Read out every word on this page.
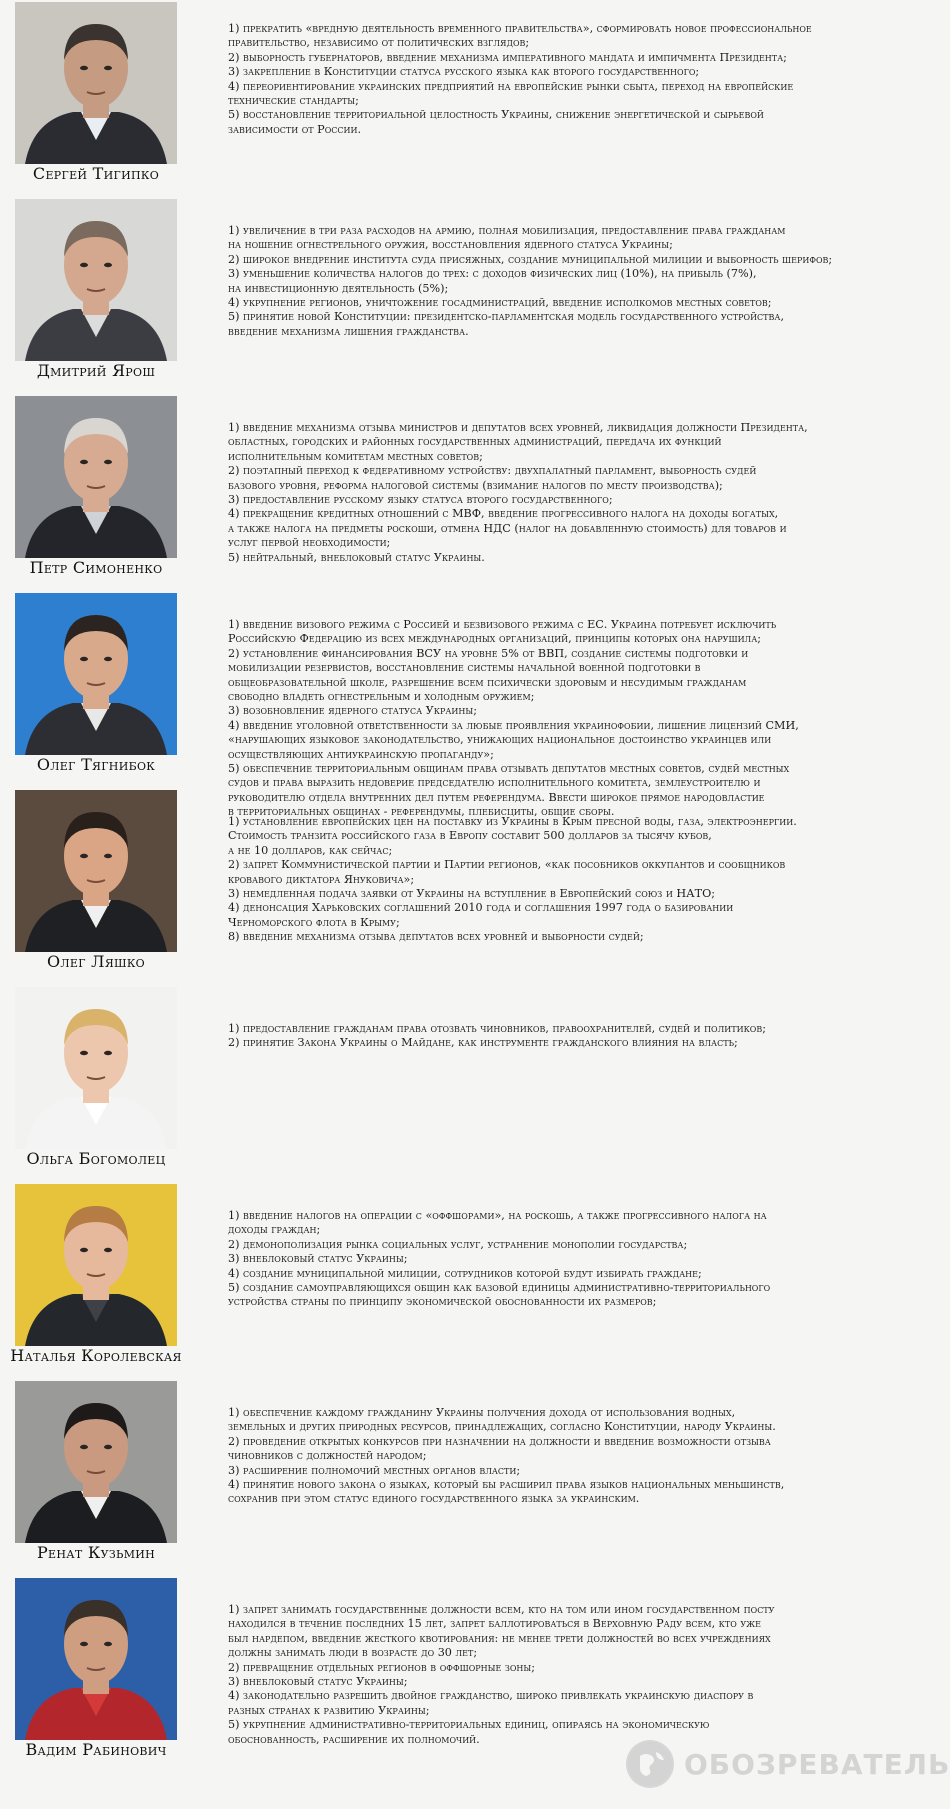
Сергей Тигипко
1) прекратить «вредную деятельность временного правительства», сформировать новое профессиональное
правительство, независимо от политических взглядов;
2) выборность губернаторов, введение механизма императивного мандата и импичмента Президента;
3) закрепление в Конституции статуса русского языка как второго государственного;
4) переориентирование украинских предприятий на европейские рынки сбыта, переход на европейские
технические стандарты;
5) восстановление территориальной целостность Украины, снижение энергетической и сырьевой
зависимости от России.
Дмитрий Ярош
1) увеличение в три раза расходов на армию, полная мобилизация, предоставление права гражданам
на ношение огнестрельного оружия, восстановления ядерного статуса Украины;
2) широкое внедрение института суда присяжных, создание муниципальной милиции и выборность шерифов;
3) уменьшение количества налогов до трех: с доходов физических лиц (10%), на прибыль (7%),
на инвестиционную деятельность (5%);
4) укрупнение регионов, уничтожение госадминистраций, введение исполкомов местных советов;
5) принятие новой Конституции: президентско-парламентская модель государственного устройства,
введение механизма лишения гражданства.
Петр Симоненко
1) введение механизма отзыва министров и депутатов всех уровней, ликвидация должности Президента,
областных, городских и районных государственных администраций, передача их функций
исполнительным комитетам местных советов;
2) поэтапный переход к федеративному устройству: двухпалатный парламент, выборность судей
базового уровня, реформа налоговой системы (взимание налогов по месту производства);
3) предоставление русскому языку статуса второго государственного;
4) прекращение кредитных отношений с МВФ, введение прогрессивного налога на доходы богатых,
а также налога на предметы роскоши, отмена НДС (налог на добавленную стоимость) для товаров и
услуг первой необходимости;
5) нейтральный, внеблоковый статус Украины.
Олег Тягнибок
1) введение визового режима с Россией и безвизового режима с ЕС. Украина потребует исключить
Российскую Федерацию из всех международных организаций, принципы которых она нарушила;
2) установление финансирования ВСУ на уровне 5% от ВВП, создание системы подготовки и
мобилизации резервистов, восстановление системы начальной военной подготовки в
общеобразовательной школе, разрешение всем психически здоровым и несудимым гражданам
свободно владеть огнестрельным и холодным оружием;
3) возобновление ядерного статуса Украины;
4) введение уголовной ответственности за любые проявления украинофобии, лишение лицензий СМИ,
«нарушающих языковое законодательство, унижающих национальное достоинство украинцев или
осуществляющих антиукраинскую пропаганду»;
5) обеспечение территориальным общинам права отзывать депутатов местных советов, судей местных
судов и права выразить недоверие председателю исполнительного комитета, землеустроителю и
руководителю отдела внутренних дел путем референдума. Ввести широкое прямое народовластие
в территориальных общинах - референдумы, плебисциты, общие сборы.
Олег Ляшко
1) установление европейских цен на поставку из Украины в Крым пресной воды, газа, электроэнергии.
Стоимость транзита российского газа в Европу составит 500 долларов за тысячу кубов,
а не 10 долларов, как сейчас;
2) запрет Коммунистической партии и Партии регионов, «как пособников оккупантов и сообщников
кровавого диктатора Януковича»;
3) немедленная подача заявки от Украины на вступление в Европейский союз и НАТО;
4) денонсация Харьковских соглашений 2010 года и соглашения 1997 года о базировании
Черноморского флота в Крыму;
8) введение механизма отзыва депутатов всех уровней и выборности судей;
Ольга Богомолец
1) предоставление гражданам права отозвать чиновников, правоохранителей, судей и политиков;
2) принятие Закона Украины о Майдане, как инструменте гражданского влияния на власть;
Наталья Королевская
1) введение налогов на операции с «оффшорами», на роскошь, а также прогрессивного налога на
доходы граждан;
2) демонополизация рынка социальных услуг, устранение монополии государства;
3) внеблоковый статус Украины;
4) создание муниципальной милиции, сотрудников которой будут избирать граждане;
5) создание самоуправляющихся общин как базовой единицы административно-территориального
устройства страны по принципу экономической обоснованности их размеров;
Ренат Кузьмин
1) обеспечение каждому гражданину Украины получения дохода от использования водных,
земельных и других природных ресурсов, принадлежащих, согласно Конституции, народу Украины.
2) проведение открытых конкурсов при назначении на должности и введение возможности отзыва
чиновников с должностей народом;
3) расширение полномочий местных органов власти;
4) принятие нового закона о языках, который бы расширил права языков национальных меньшинств,
сохранив при этом статус единого государственного языка за украинским.
Вадим Рабинович
1) запрет занимать государственные должности всем, кто на том или ином государственном посту
находился в течение последних 15 лет, запрет баллотироваться в Верховную Раду всем, кто уже
был нардепом, введение жесткого квотирования: не менее трети должностей во всех учреждениях
должны занимать люди в возрасте до 30 лет;
2) превращение отдельных регионов в оффшорные зоны;
3) внеблоковый статус Украины;
4) законодательно разрешить двойное гражданство, широко привлекать украинскую диаспору в
разных странах к развитию Украины;
5) укрупнение административно-территориальных единиц, опираясь на экономическую
обоснованность, расширение их полномочий.
ОБОЗРЕВАТЕЛЬ
